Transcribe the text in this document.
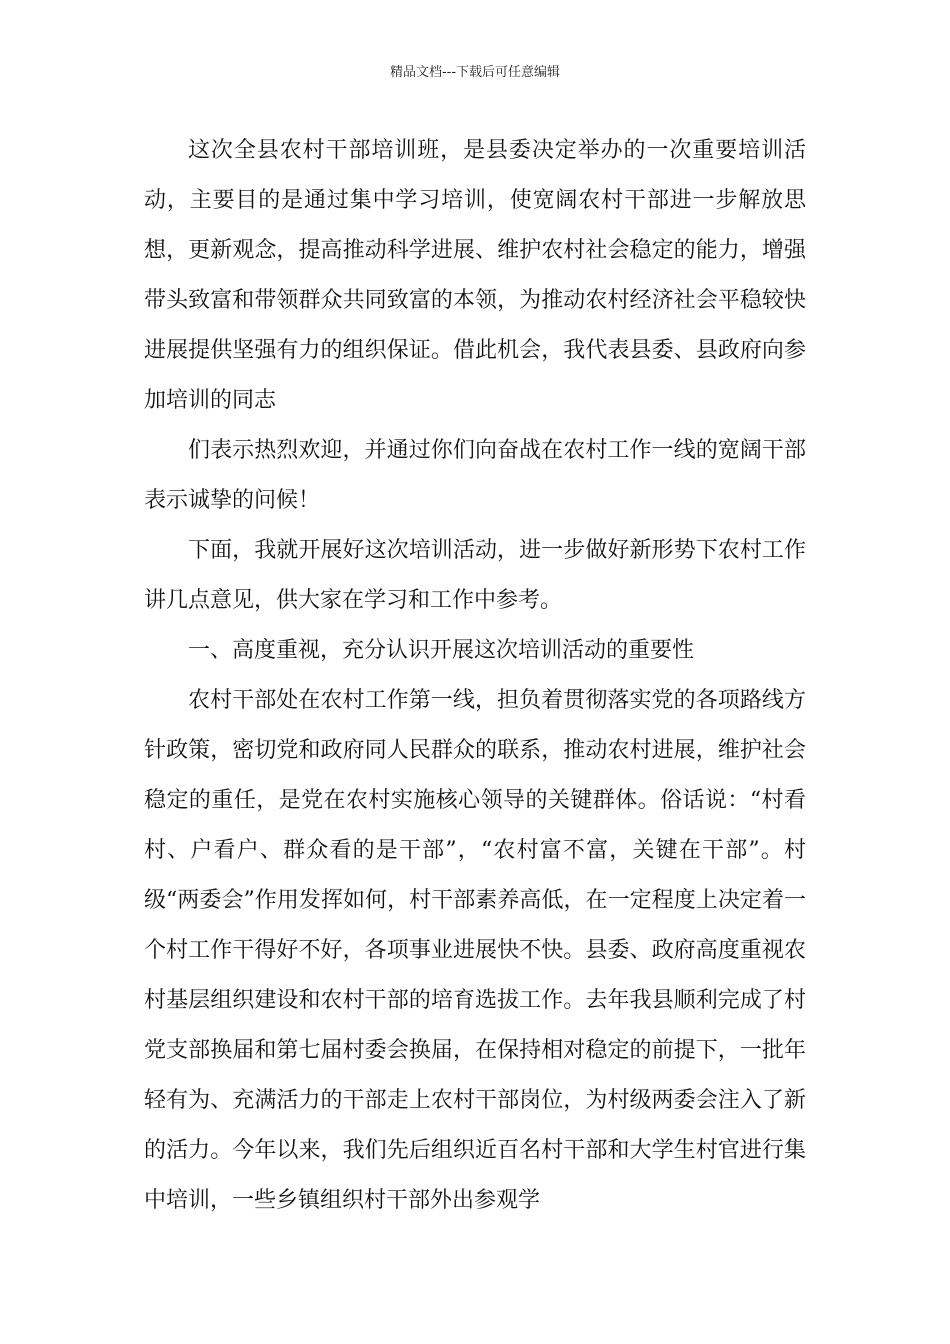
精品文档---下载后可任意编辑

这次全县农村干部培训班，是县委决定举办的一次重要培训活动，主要目的是通过集中学习培训，使宽阔农村干部进一步解放思想，更新观念，提高推动科学进展、维护农村社会稳定的能力，增强带头致富和带领群众共同致富的本领，为推动农村经济社会平稳较快进展提供坚强有力的组织保证。借此机会，我代表县委、县政府向参加培训的同志

们表示热烈欢迎，并通过你们向奋战在农村工作一线的宽阔干部表示诚挚的问候！

下面，我就开展好这次培训活动，进一步做好新形势下农村工作讲几点意见，供大家在学习和工作中参考。

一、高度重视，充分认识开展这次培训活动的重要性

农村干部处在农村工作第一线，担负着贯彻落实党的各项路线方针政策，密切党和政府同人民群众的联系，推动农村进展，维护社会稳定的重任，是党在农村实施核心领导的关键群体。俗话说：“村看村、户看户、群众看的是干部”，“农村富不富，关键在干部”。村级“两委会”作用发挥如何，村干部素养高低，在一定程度上决定着一个村工作干得好不好，各项事业进展快不快。县委、政府高度重视农村基层组织建设和农村干部的培育选拔工作。去年我县顺利完成了村党支部换届和第七届村委会换届，在保持相对稳定的前提下，一批年轻有为、充满活力的干部走上农村干部岗位，为村级两委会注入了新的活力。今年以来，我们先后组织近百名村干部和大学生村官进行集中培训，一些乡镇组织村干部外出参观学
